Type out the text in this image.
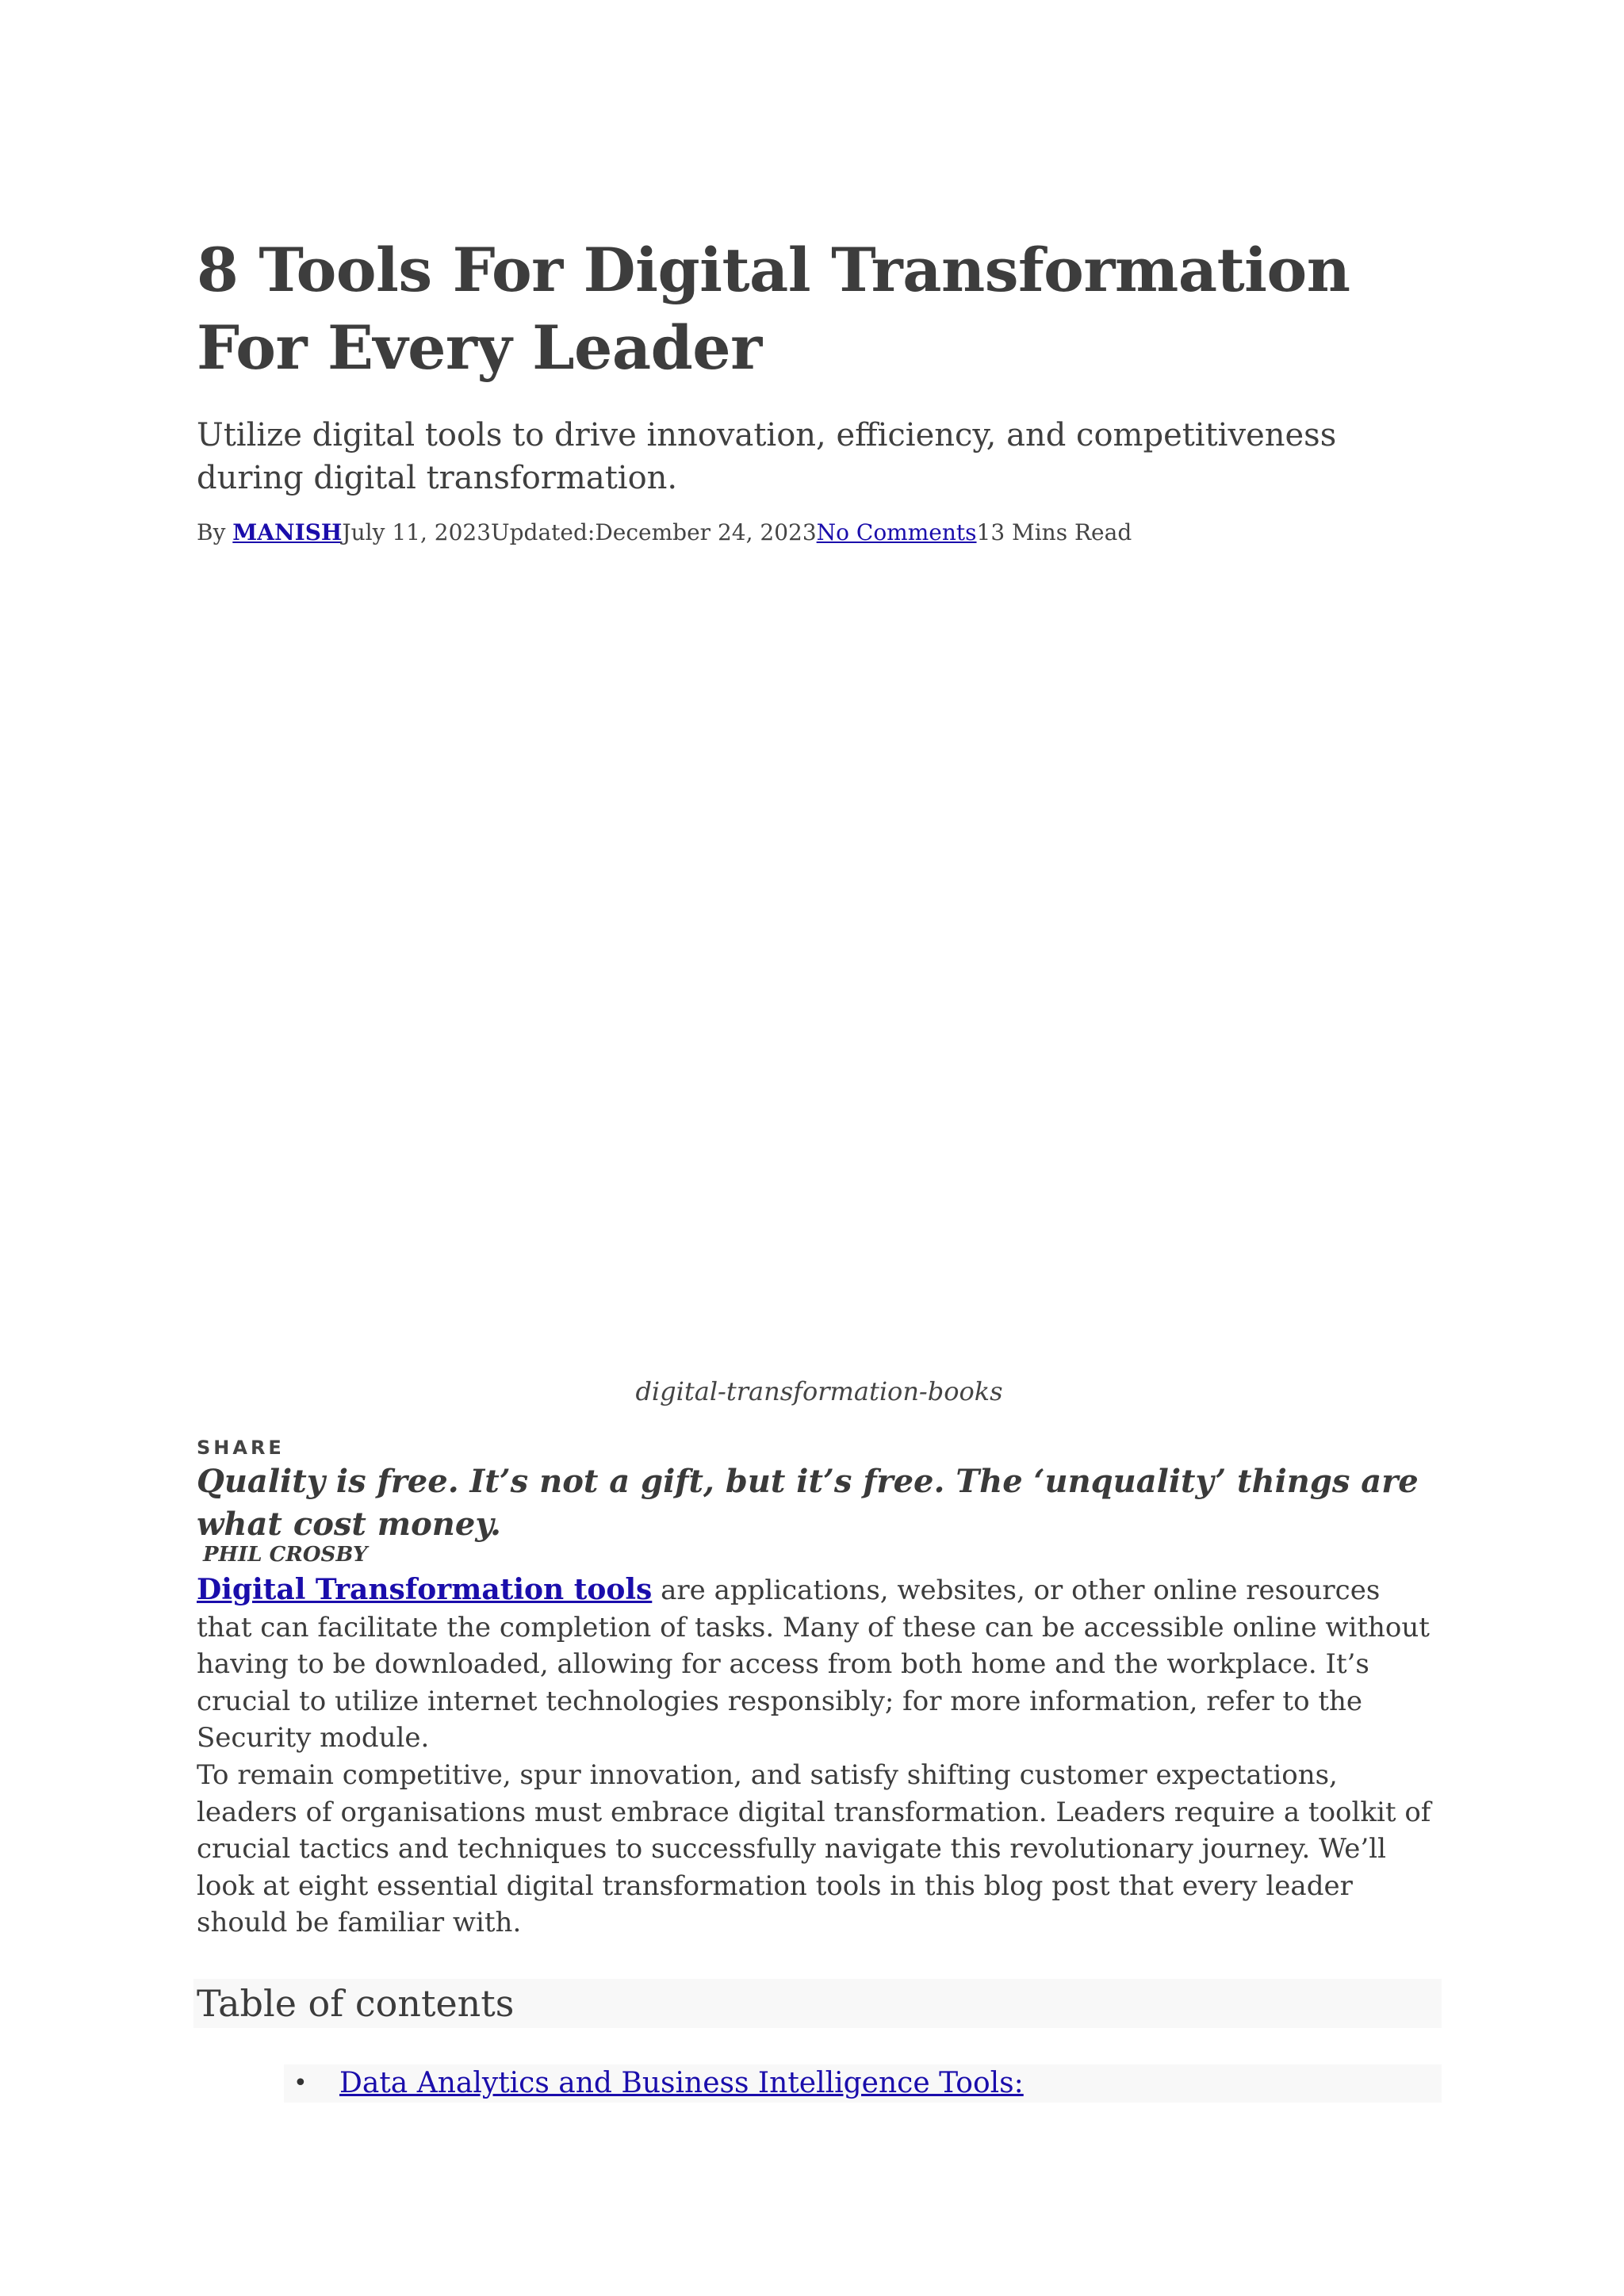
8 Tools For Digital Transformation For Every Leader

Utilize digital tools to drive innovation, efficiency, and competitiveness during digital transformation.

By MANISHJuly 11, 2023Updated:December 24, 2023No Comments13 Mins Read
digital-transformation-books
SHARE

Quality is free. It’s not a gift, but it’s free. The ‘unquality’ things are what cost money.

PHIL CROSBY

Digital Transformation tools are applications, websites, or other online resources that can facilitate the completion of tasks. Many of these can be accessible online without having to be downloaded, allowing for access from both home and the workplace. It’s crucial to utilize internet technologies responsibly; for more information, refer to the Security module.

To remain competitive, spur innovation, and satisfy shifting customer expectations, leaders of organisations must embrace digital transformation. Leaders require a toolkit of crucial tactics and techniques to successfully navigate this revolutionary journey. We’ll look at eight essential digital transformation tools in this blog post that every leader should be familiar with.

Table of contents
• Data Analytics and Business Intelligence Tools:
